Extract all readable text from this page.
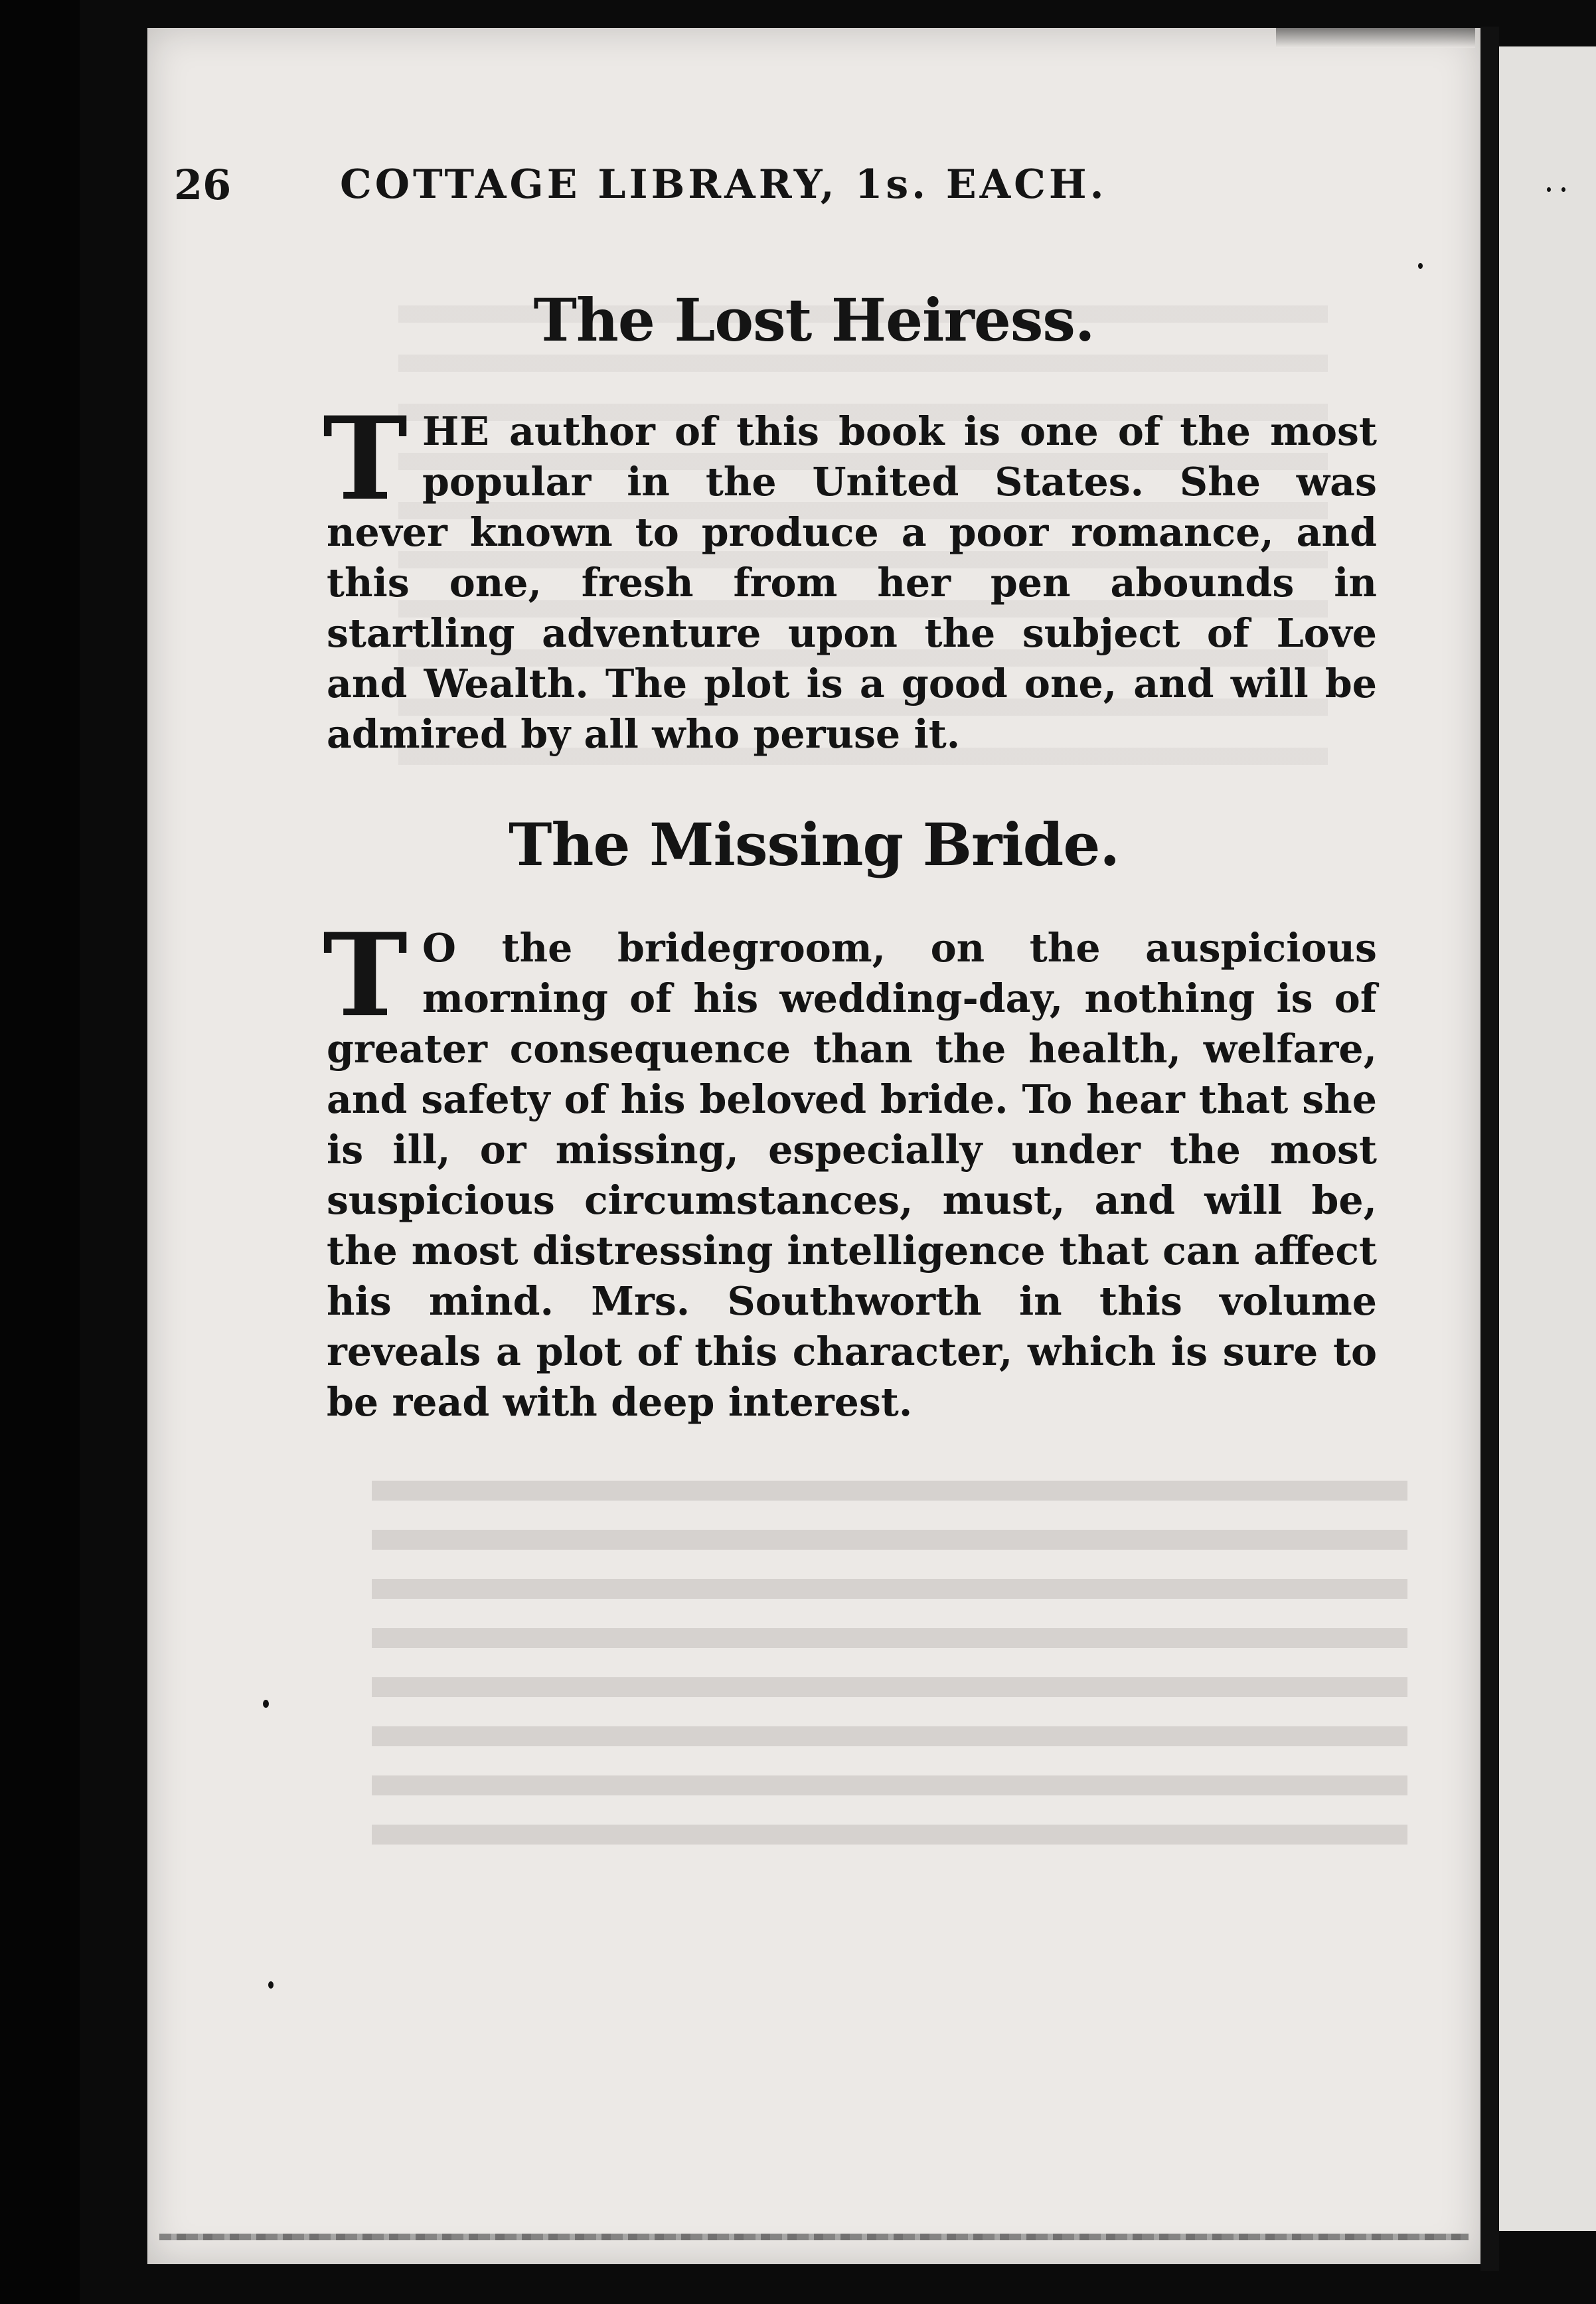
26	COTTAGE LIBRARY, 1s. EACH.
The Lost Heiress.

THE author of this book is one of the most popular in the United States. She was never known to produce a poor romance, and this one, fresh from her pen abounds in startling adventure upon the subject of Love and Wealth. The plot is a good one, and will be admired by all who peruse it.

The Missing Bride.

T O the bridegroom, on the auspicious morning of his wedding-day, nothing is of greater consequence than the health, welfare, and safety of his beloved bride. To hear that she is ill, or missing, especially under the most suspicious circumstances, must, and will be, the most distressing intelligence that can affect his mind. Mrs. Southworth in this volume reveals a plot of this character, which is sure to be read with deep interest.
